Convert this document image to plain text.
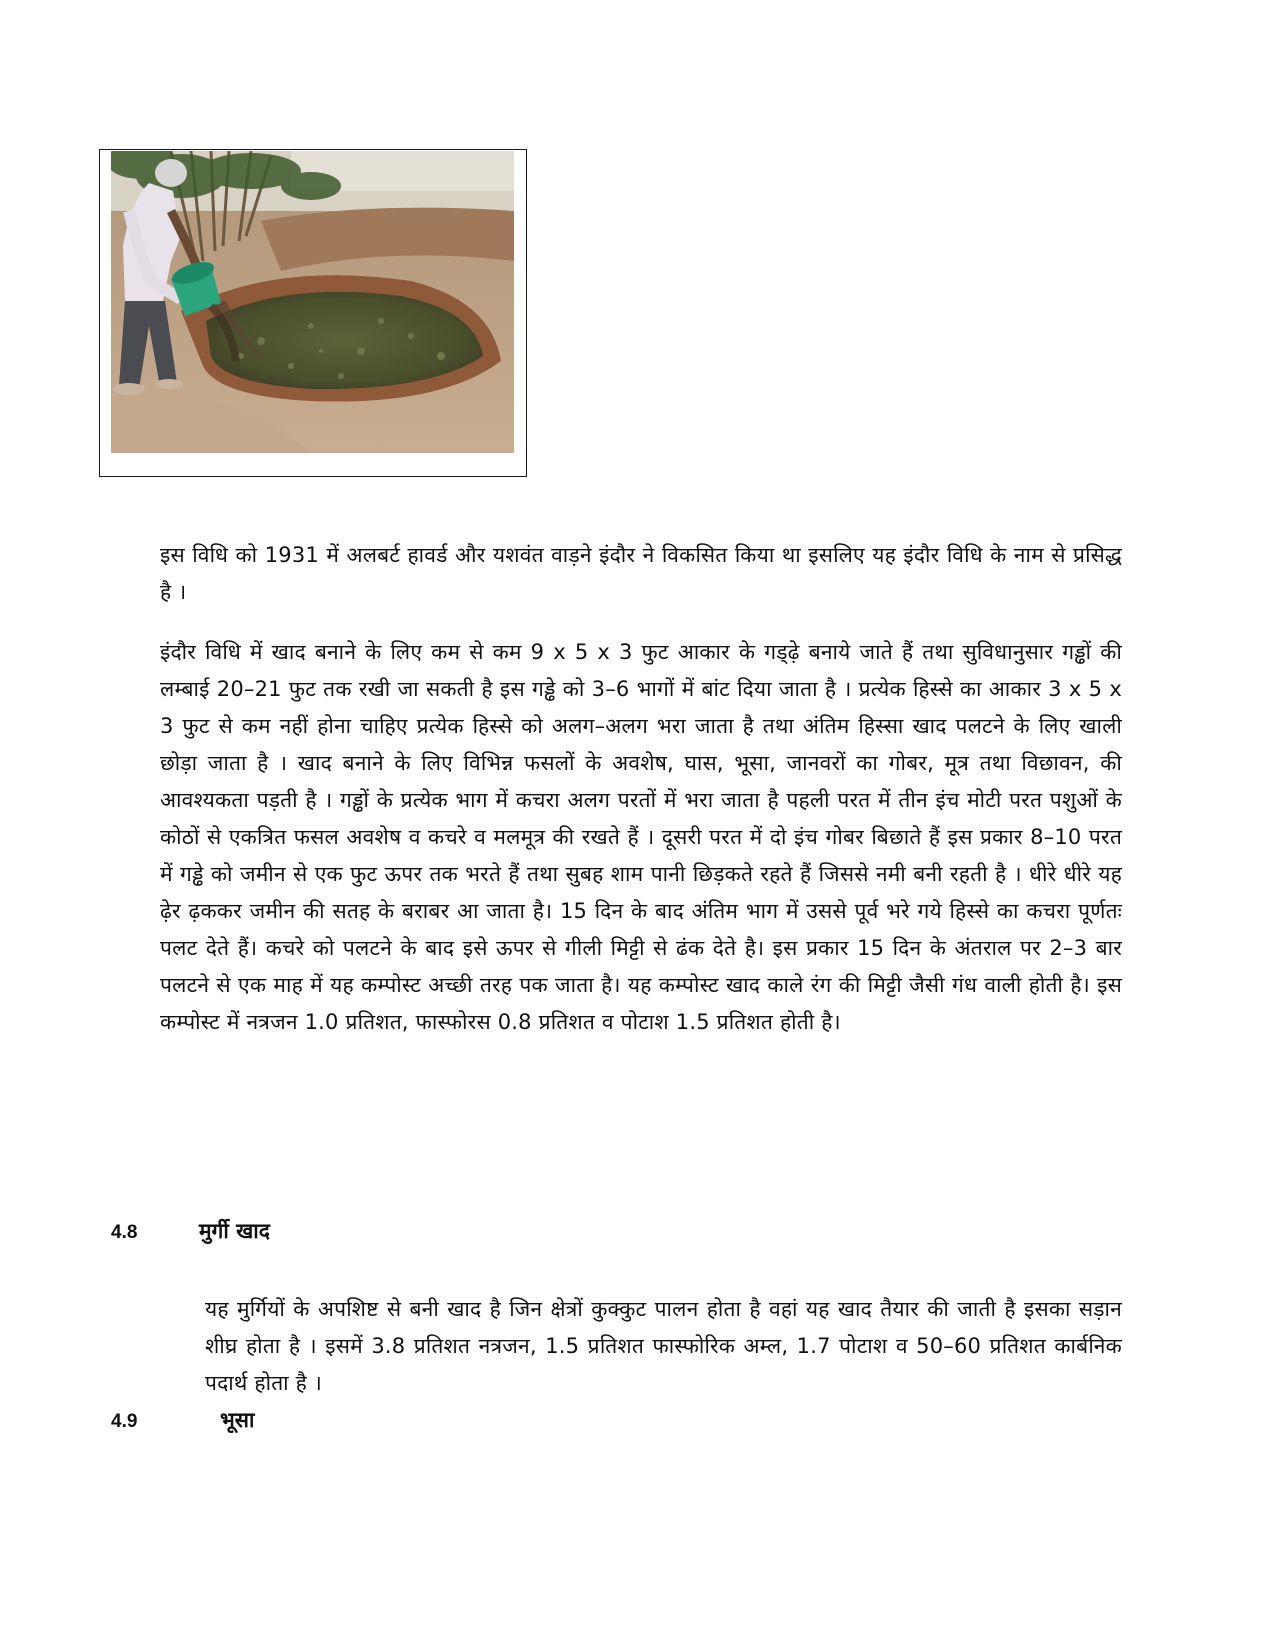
इस विधि को 1931 में अलबर्ट हावर्ड और यशवंत वाड़ने इंदौर ने विकसित किया था इसलिए यह इंदौर विधि के नाम से प्रसिद्ध है ।

इंदौर विधि में खाद बनाने के लिए कम से कम 9 x 5 x 3 फुट आकार के गड्ढ़े बनाये जाते हैं तथा सुविधानुसार गड्ढों की लम्बाई 20–21 फुट तक रखी जा सकती है इस गड्ढे को 3–6 भागों में बांट दिया जाता है । प्रत्येक हिस्से का आकार 3 x 5 x 3 फुट से कम नहीं होना चाहिए प्रत्येक हिस्से को अलग–अलग भरा जाता है तथा अंतिम हिस्सा खाद पलटने के लिए खाली छोड़ा जाता है । खाद बनाने के लिए विभिन्न फसलों के अवशेष, घास, भूसा, जानवरों का गोबर, मूत्र तथा विछावन, की आवश्यकता पड़ती है । गड्ढों के प्रत्येक भाग में कचरा अलग परतों में भरा जाता है पहली परत में तीन इंच मोटी परत पशुओं के कोठों से एकत्रित फसल अवशेष व कचरे व मलमूत्र की रखते हैं । दूसरी परत में दो इंच गोबर बिछाते हैं इस प्रकार 8–10 परत में गड्ढे को जमीन से एक फुट ऊपर तक भरते हैं तथा सुबह शाम पानी छिड़कते रहते हैं जिससे नमी बनी रहती है । धीरे धीरे यह ढ़ेर ढ़ककर जमीन की सतह के बराबर आ जाता है। 15 दिन के बाद अंतिम भाग में उससे पूर्व भरे गये हिस्से का कचरा पूर्णतः पलट देते हैं। कचरे को पलटने के बाद इसे ऊपर से गीली मिट्टी से ढंक देते है। इस प्रकार 15 दिन के अंतराल पर 2–3 बार पलटने से एक माह में यह कम्पोस्ट अच्छी तरह पक जाता है। यह कम्पोस्ट खाद काले रंग की मिट्टी जैसी गंध वाली होती है। इस कम्पोस्ट में नत्रजन 1.0 प्रतिशत, फास्फोरस 0.8 प्रतिशत व पोटाश 1.5 प्रतिशत होती है।

4.8	मुर्गी खाद

यह मुर्गियों के अपशिष्ट से बनी खाद है जिन क्षेत्रों कुक्कुट पालन होता है वहां यह खाद तैयार की जाती है इसका सड़ान शीघ्र होता है । इसमें 3.8 प्रतिशत नत्रजन, 1.5 प्रतिशत फास्फोरिक अम्ल, 1.7 पोटाश व 50–60 प्रतिशत कार्बनिक पदार्थ होता है ।

4.9	भूसा
